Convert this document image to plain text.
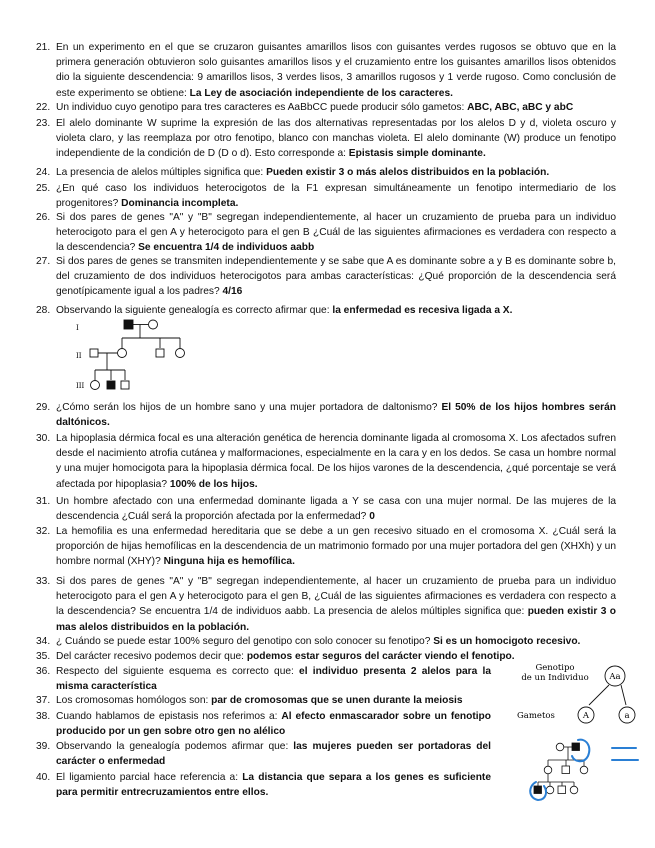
21. En un experimento en el que se cruzaron guisantes amarillos lisos con guisantes verdes rugosos se obtuvo que en la primera generación obtuvieron solo guisantes amarillos lisos y el cruzamiento entre los guisantes amarillos lisos obtenidos dio la siguiente descendencia: 9 amarillos lisos, 3 verdes lisos, 3 amarillos rugosos y 1 verde rugoso. Como conclusión de este experimento se obtiene: La Ley de asociación independiente de los caracteres.
22. Un individuo cuyo genotipo para tres caracteres es AaBbCC puede producir sólo gametos: ABC, ABC, aBC y abC
23. El alelo dominante W suprime la expresión de las dos alternativas representadas por los alelos D y d, violeta oscuro y violeta claro, y las reemplaza por otro fenotipo, blanco con manchas violeta. El alelo dominante (W) produce un fenotipo independiente de la condición de D (D o d). Esto corresponde a: Epistasis simple dominante.
24. La presencia de alelos múltiples significa que: Pueden existir 3 o más alelos distribuidos en la población.
25. ¿En qué caso los individuos heterocigotos de la F1 expresan simultáneamente un fenotipo intermediario de los progenitores? Dominancia incompleta.
26. Si dos pares de genes "A" y "B" segregan independientemente, al hacer un cruzamiento de prueba para un individuo heterocigoto para el gen A y heterocigoto para el gen B ¿Cuál de las siguientes afirmaciones es verdadera con respecto a la descendencia? Se encuentra 1/4 de individuos aabb
27. Si dos pares de genes se transmiten independientemente y se sabe que A es dominante sobre a y B es dominante sobre b, del cruzamiento de dos individuos heterocigotos para ambas características: ¿Qué proporción de la descendencia será genotípicamente igual a los padres? 4/16
28. Observando la siguiente genealogía es correcto afirmar que: la enfermedad es recesiva ligada a X.
29. ¿Cómo serán los hijos de un hombre sano y una mujer portadora de daltonismo? El 50% de los hijos hombres serán daltónicos.
30. La hipoplasia dérmica focal es una alteración genética de herencia dominante ligada al cromosoma X. Los afectados sufren desde el nacimiento atrofia cutánea y malformaciones, especialmente en la cara y en los dedos. Se casa un hombre normal y una mujer homocigota para la hipoplasia dérmica focal. De los hijos varones de la descendencia, ¿qué porcentaje se verá afectada por hipoplasia? 100% de los hijos.
31. Un hombre afectado con una enfermedad dominante ligada a Y se casa con una mujer normal. De las mujeres de la descendencia ¿Cuál será la proporción afectada por la enfermedad? 0
32. La hemofilia es una enfermedad hereditaria que se debe a un gen recesivo situado en el cromosoma X. ¿Cuál será la proporción de hijas hemofílicas en la descendencia de un matrimonio formado por una mujer portadora del gen (XHXh) y un hombre normal (XHY)? Ninguna hija es hemofílica.
33. Si dos pares de genes "A" y "B" segregan independientemente, al hacer un cruzamiento de prueba para un individuo heterocigoto para el gen A y heterocigoto para el gen B, ¿Cuál de las siguientes afirmaciones es verdadera con respecto a la descendencia? Se encuentra 1/4 de individuos aabb. La presencia de alelos múltiples significa que: pueden existir 3 o mas alelos distribuidos en la población.
34. ¿ Cuándo se puede estar 100% seguro del genotipo con solo conocer su fenotipo? Si es un homocigoto recesivo.
35. Del carácter recesivo podemos decir que: podemos estar seguros del carácter viendo el fenotipo.
36. Respecto del siguiente esquema es correcto que: el individuo presenta 2 alelos para la misma característica
37. Los cromosomas homólogos son: par de cromosomas que se unen durante la meiosis
38. Cuando hablamos de epistasis nos referimos a: Al efecto enmascarador sobre un fenotipo producido por un gen sobre otro gen no alélico
39. Observando la genealogía podemos afirmar que: las mujeres pueden ser portadoras del carácter o enfermedad
40. El ligamiento parcial hace referencia a: La distancia que separa a los genes es suficiente para permitir entrecruzamientos entre ellos.
I
II
III
Genotipo
de un Individuo Aa
Gametos	A	a
